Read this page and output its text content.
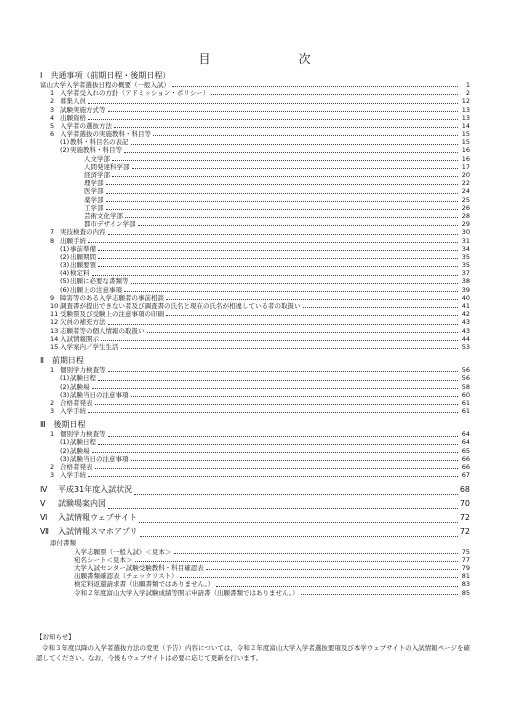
目　次
Ⅰ　共通事項（前期日程・後期日程）
富山大学入学者選抜日程の概要（一般入試）	1
1 入学者受入れの方針（アドミッション・ポリシー）	2
2 募集人員	12
3 試験実施方式等	13
4 出願資格	13
5 入学者の選抜方法	14
6 入学者選抜の実施教科・科目等	15
(1) 教科・科目名の表記	15
(2) 実施教科・科目等	16
人文学部	16
人間発達科学部	17
経済学部	20
理学部	22
医学部	24
薬学部	25
工学部	26
芸術文化学部	28
都市デザイン学部	29
7 実技検査の内容	30
8 出願手続	31
(1) 事前準備	34
(2) 出願期間	35
(3) 出願要領	35
(4) 検定料	37
(5) 出願に必要な書類等	38
(6) 出願上の注意事項	39
9 障害等のある入学志願者の事前相談	40
10 調査書が提出できない者及び調査書の氏名と現在の氏名が相違している者の取扱い	41
11 受験票及び受験上の注意事項の印刷	42
12 欠員の補充方法	43
13 志願者等の個人情報の取扱い	43
14 入試情報開示	44
15 入学案内／学生生活	53
Ⅱ　前期日程
1 個別学力検査等	56
(1) 試験日程	56
(2) 試験場	58
(3) 試験当日の注意事項	60
2 合格者発表	61
3 入学手続	61
Ⅲ　後期日程
1 個別学力検査等	64
(1) 試験日程	64
(2) 試験場	65
(3) 試験当日の注意事項	66
2 合格者発表	66
3 入学手続	67
Ⅳ	平成31年度入試状況	68
Ⅴ	試験場案内図	70
Ⅵ	入試情報ウェブサイト	72
Ⅶ	入試情報スマホアプリ	72
添付書類
入学志願票（一般入試）＜見本＞	75
宛名シート＜見本＞	77
大学入試センター試験受験教科・科目確認表	79
出願書類確認表（チェックリスト）	81
検定料返還請求書（出願書類ではありません。）	83
令和２年度富山大学入学試験成績等開示申請書（出願書類ではありません。）	85
【お知らせ】
令和３年度以降の入学者選抜方法の変更（予告）内容については，令和２年度富山大学入学者選抜要項及び本学ウェブサイトの入試情報ページを確認してください。なお，今後もウェブサイトは必要に応じて更新を行います。
